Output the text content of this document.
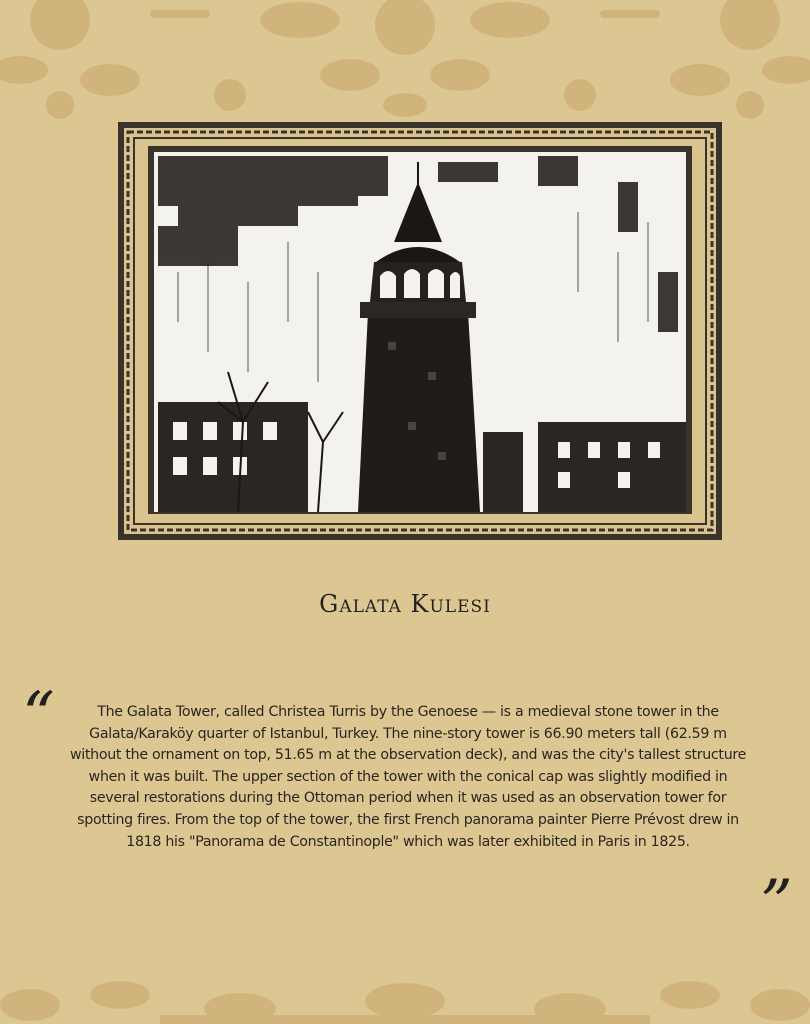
Galata Kulesi
“	The Galata Tower, called Christea Turris by the Genoese — is a medieval stone tower in the Galata/Karaköy quarter of Istanbul, Turkey. The nine-story tower is 66.90 meters tall (62.59 m without the ornament on top, 51.65 m at the observation deck), and was the city's tallest structure when it was built. The upper section of the tower with the conical cap was slightly modified in several restorations during the Ottoman period when it was used as an observation tower for spotting fires. From the top of the tower, the first French panorama painter Pierre Prévost drew in 1818 his "Panorama de Constantinople" which was later exhibited in Paris in 1825.

”
